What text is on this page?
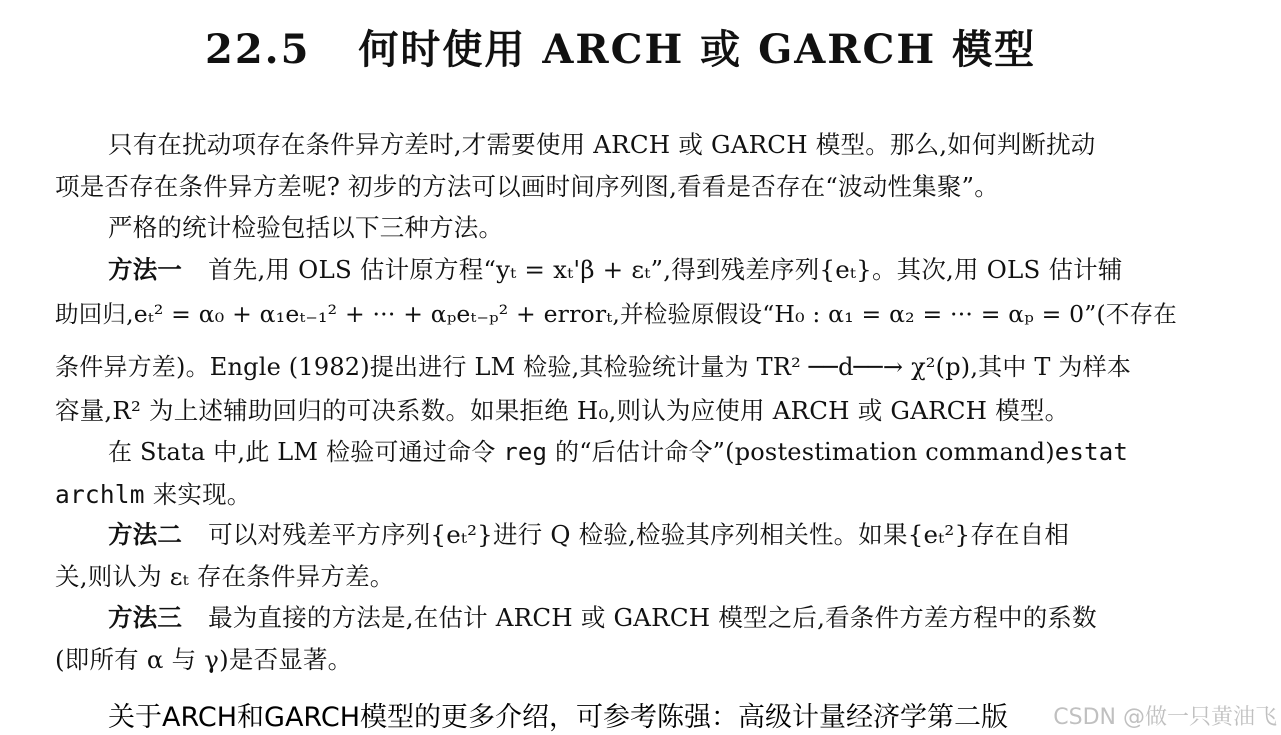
22.5 何时使用 ARCH 或 GARCH 模型
只有在扰动项存在条件异方差时,才需要使用 ARCH 或 GARCH 模型。那么,如何判断扰动
项是否存在条件异方差呢? 初步的方法可以画时间序列图,看看是否存在“波动性集聚”。
严格的统计检验包括以下三种方法。
方法一 首先,用 OLS 估计原方程“yₜ = xₜ'β + εₜ”,得到残差序列{eₜ}。其次,用 OLS 估计辅
助回归,eₜ² = α₀ + α₁eₜ₋₁² + ··· + αₚeₜ₋ₚ² + errorₜ,并检验原假设“H₀ : α₁ = α₂ = ··· = αₚ = 0”(不存在
条件异方差)。Engle (1982)提出进行 LM 检验,其检验统计量为 TR² ──d──→ χ²(p),其中 T 为样本
容量,R² 为上述辅助回归的可决系数。如果拒绝 H₀,则认为应使用 ARCH 或 GARCH 模型。
在 Stata 中,此 LM 检验可通过命令 reg 的“后估计命令”(postestimation command)estat
archlm 来实现。
方法二 可以对残差平方序列{eₜ²}进行 Q 检验,检验其序列相关性。如果{eₜ²}存在自相
关,则认为 εₜ 存在条件异方差。
方法三 最为直接的方法是,在估计 ARCH 或 GARCH 模型之后,看条件方差方程中的系数
(即所有 α 与 γ)是否显著。
关于ARCH和GARCH模型的更多介绍，可参考陈强：高级计量经济学第二版 CSDN @做一只黄油飞
